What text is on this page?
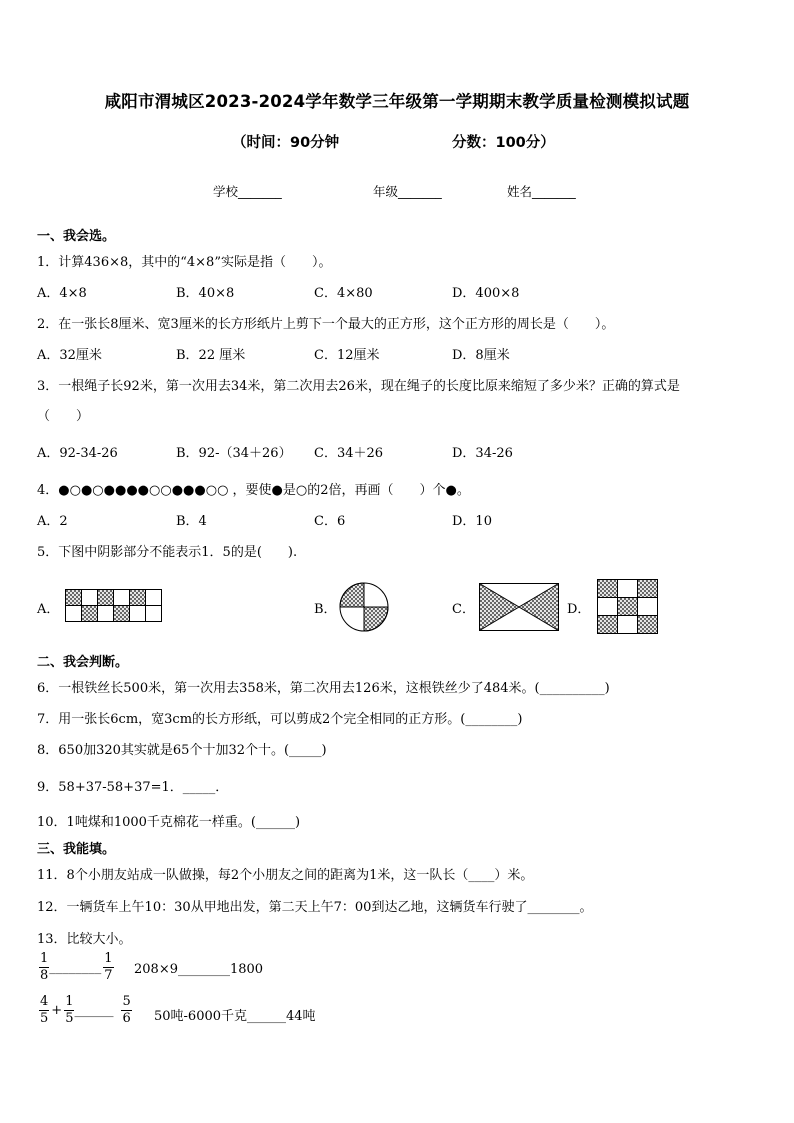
咸阳市渭城区2023-2024学年数学三年级第一学期期末教学质量检测模拟试题
（时间：90分钟	分数：100分）
学校_______	年级_______	姓名_______
一、我会选。
1．计算436×8，其中的“4×8”实际是指（　　）。
A．4×8	B．40×8	C．4×80	D．400×8
2．在一张长8厘米、宽3厘米的长方形纸片上剪下一个最大的正方形，这个正方形的周长是（　　）。
A．32厘米	B．22 厘米	C．12厘米	D．8厘米
3．一根绳子长92米，第一次用去34米，第二次用去26米，现在绳子的长度比原来缩短了多少米？正确的算式是
（　　）
A．92-34-26	B．92-（34＋26） C．34＋26	D．34-26
4．●○●○●●●●○○●●●○○ ，要使●是○的2倍，再画（　　）个●。
A．2	B．4	C．6	D．10
5．下图中阴影部分不能表示1．5的是(　　).
A．	B．	C．	D．
二、我会判断。
6．一根铁丝长500米，第一次用去358米，第二次用去126米，这根铁丝少了484米。(__________)
7．用一张长6cm，宽3cm的长方形纸，可以剪成2个完全相同的正方形。(________)
8．650加320其实就是65个十加32个十。(_____)
9．58+37-58+37=1．_____．
10．1吨煤和1000千克棉花一样重。(______)
三、我能填。
11．8个小朋友站成一队做操，每2个小朋友之间的距离为1米，这一队长（____）米。
12．一辆货车上午10：30从甲地出发，第二天上午7：00到达乙地，这辆货车行驶了________。
13．比较大小。
$\frac{1}{8}$ ________ $\frac{1}{7}$ 208×9________1800
$\frac{4}{5} + \frac{1}{5}$ ______ $\frac{5}{6} 50$吨-6000千克______44吨
